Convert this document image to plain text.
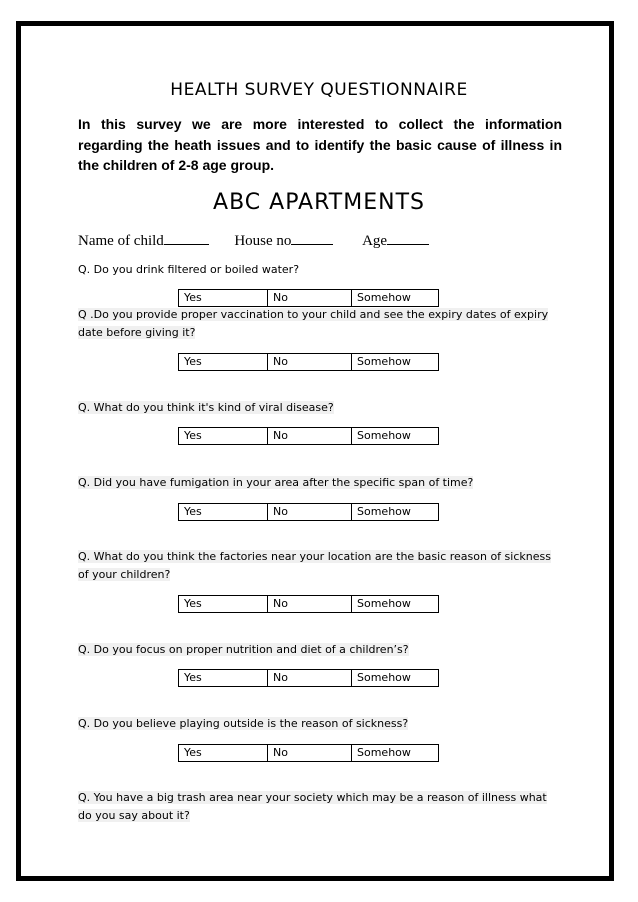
HEALTH SURVEY QUESTIONNAIRE
In this survey we are more interested to collect the information regarding the heath issues and to identify the basic cause of illness in the children of 2-8 age group.
ABC APARTMENTS
Name of child	House no	Age
Q. Do you drink filtered or boiled water?
Yes	No	Somehow
Q .Do you provide proper vaccination to your child and see the expiry dates of expiry date before giving it?
Yes	No	Somehow
Q. What do you think it's kind of viral disease?
Yes	No	Somehow
Q. Did you have fumigation in your area after the specific span of time?
Yes	No	Somehow
Q. What do you think the factories near your location are the basic reason of sickness of your children?
Yes	No	Somehow
Q. Do you focus on proper nutrition and diet of a children’s?
Yes	No	Somehow
Q. Do you believe playing outside is the reason of sickness?
Yes	No	Somehow
Q. You have a big trash area near your society which may be a reason of illness what do you say about it?
